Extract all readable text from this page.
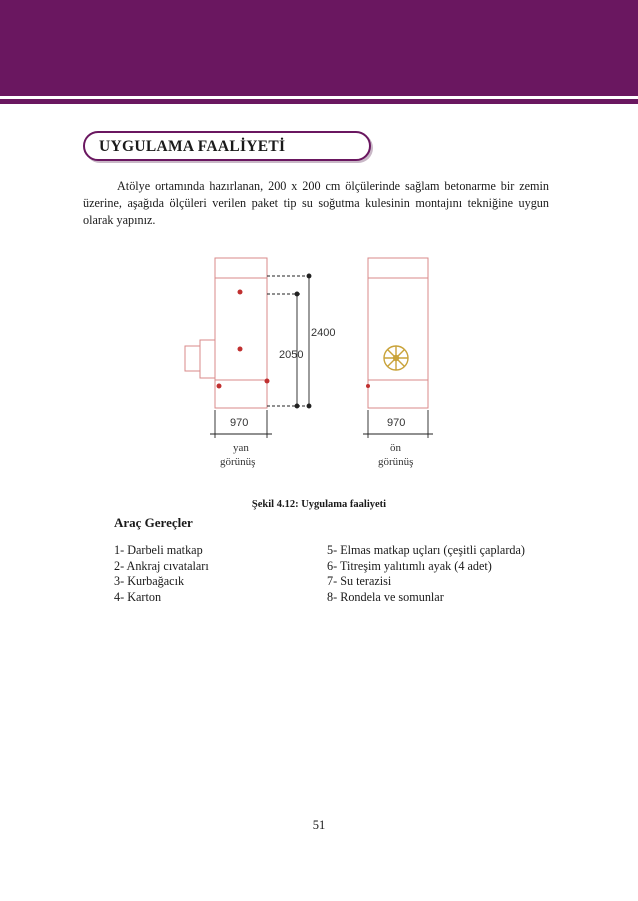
UYGULAMA FAALİYETİ

Atölye ortamında hazırlanan, 200 x 200 cm ölçülerinde sağlam betonarme bir zemin üzerine, aşağıda ölçüleri verilen paket tip su soğutma kulesinin montajını tekniğine uygun olarak yapınız.

2400
2050
970	970
yan
görünüş
ön
görünüş
Şekil 4.12: Uygulama faaliyeti
Araç Gereçler
1- Darbeli matkap
2- Ankraj cıvataları
3- Kurbağacık
4- Karton
5- Elmas matkap uçları (çeşitli çaplarda)
6- Titreşim yalıtımlı ayak (4 adet)
7- Su terazisi
8- Rondela ve somunlar
51
